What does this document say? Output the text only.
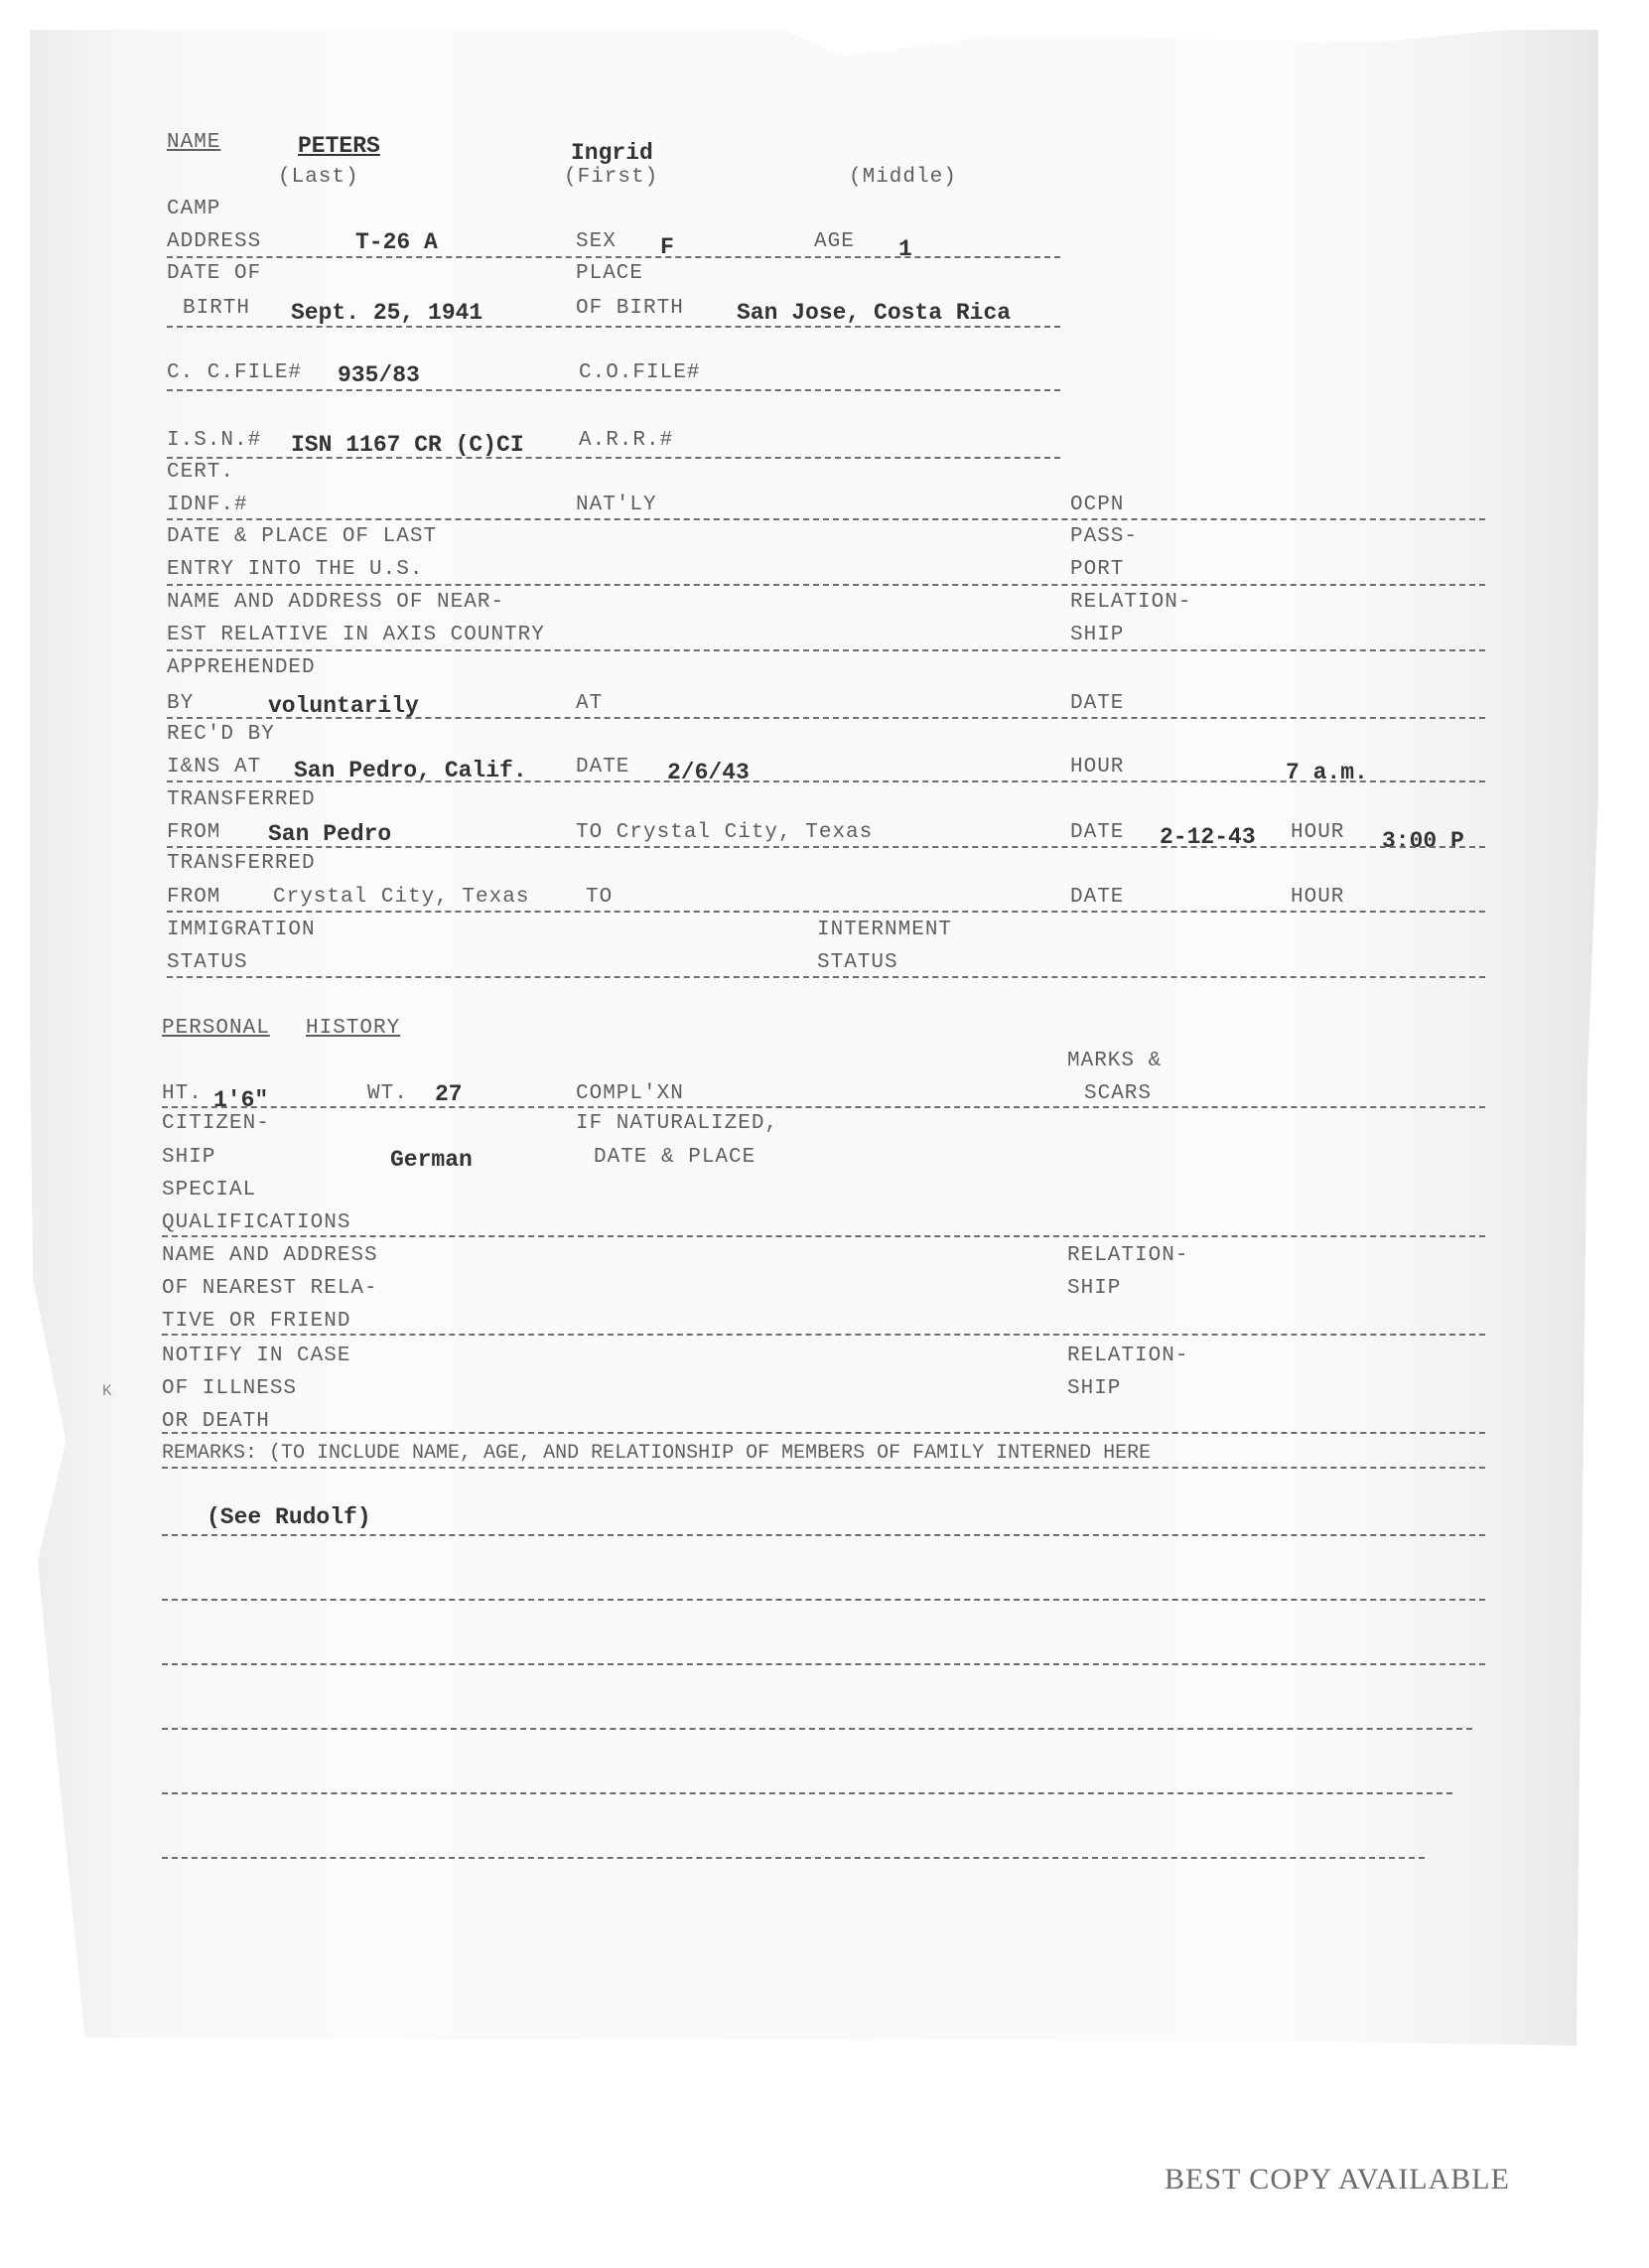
NAME	PETERS	Ingrid
(Last)	(First)	(Middle)
CAMP
ADDRESS	T-26 A	SEX F	AGE 1
DATE OF	PLACE
BIRTH Sept. 25, 1941	OF BIRTH San Jose, Costa Rica
C. C.FILE# 935/83	C.O.FILE#
I.S.N.# ISN 1167 CR (C)CI	A.R.R.#
CERT.
IDNF.#	NAT'LY	OCPN
DATE & PLACE OF LAST	PASS-
ENTRY INTO THE U.S.	PORT
NAME AND ADDRESS OF NEAR-	RELATION-
EST RELATIVE IN AXIS COUNTRY	SHIP
APPREHENDED
BY	voluntarily	AT	DATE
REC'D BY
I&NS AT San Pedro, Calif. DATE 2/6/43	HOUR	7 a.m.
TRANSFERRED
FROM San Pedro	TO Crystal City, Texas	DATE 2-12-43 HOUR 3:00 P
TRANSFERRED
FROM	Crystal City, Texas	TO	DATE	HOUR
IMMIGRATION	INTERNMENT
STATUS	STATUS
PERSONAL HISTORY
MARKS &
HT. 1'6"	WT. 27	COMPL'XN	SCARS
CITIZEN-	IF NATURALIZED,
SHIP	German	DATE & PLACE
SPECIAL
QUALIFICATIONS
NAME AND ADDRESS	RELATION-
OF NEAREST RELA-	SHIP
TIVE OR FRIEND
NOTIFY IN CASE	RELATION-
OF ILLNESS	SHIP
OR DEATH
REMARKS: (TO INCLUDE NAME, AGE, AND RELATIONSHIP OF MEMBERS OF FAMILY INTERNED HERE
(See Rudolf)
K
BEST COPY AVAILABLE
